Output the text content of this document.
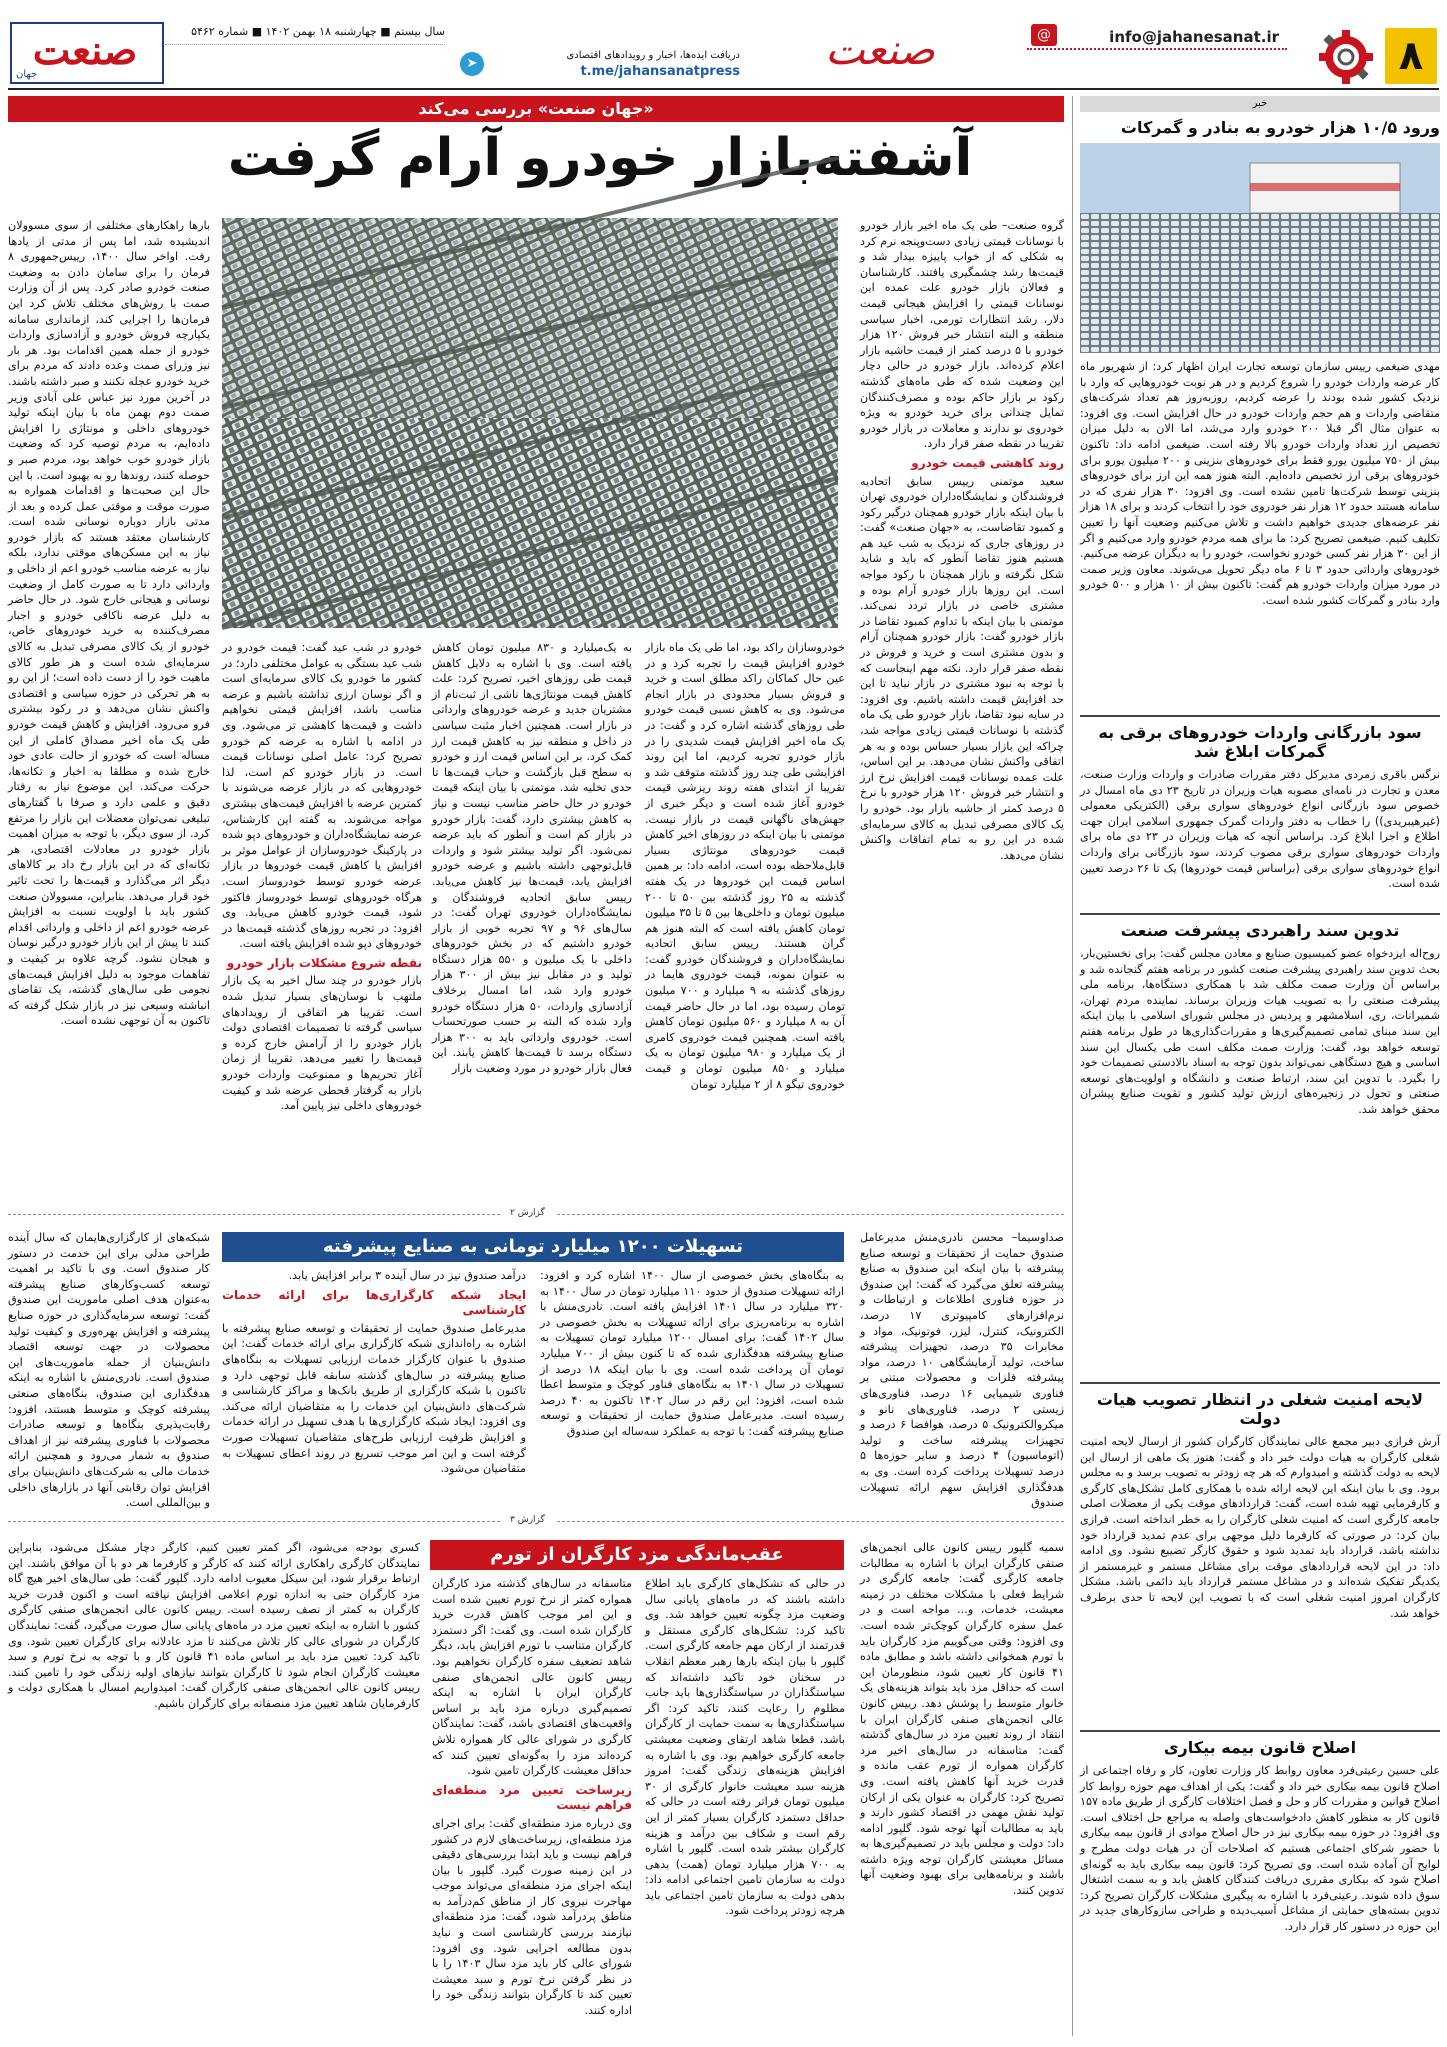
۸
info@jahanesanat.ir
@
صنعت
دریافت ایده‌ها، اخبار و رویدادهای اقتصادی
t.me/jahansanatpress
➤
سال بیستم ■ چهارشنبه ۱۸ بهمن ۱۴۰۲ ■ شماره ۵۴۶۲
صنعت
جهان
«جهان صنعت» بررسی می‌کند
آشفته‌بازار خودرو آرام گرفت
گروه صنعت– طی یک ماه اخیر بازار خودرو با نوسانات قیمتی زیادی دست‌وپنجه نرم کرد به شکلی که از خواب پاییزه بیدار شد و قیمت‌ها رشد چشمگیری یافتند. کارشناسان و فعالان بازار خودرو علت عمده این نوسانات قیمتی را افزایش هیجانی قیمت دلار، رشد انتظارات تورمی، اخبار سیاسی منطقه و البته انتشار خبر فروش ۱۲۰ هزار خودرو با ۵ درصد کمتر از قیمت حاشیه بازار اعلام کرده‌اند. بازار خودرو در حالی دچار این وضعیت شده که طی ماه‌های گذشته رکود بر بازار حاکم بوده و مصرف‌کنندگان تمایل چندانی برای خرید خودرو به ویژه خودروی نو ندارند و معاملات در بازار خودرو تقریبا در نقطه صفر قرار دارد.
روند کاهشی قیمت خودرو
سعید موتمنی رییس سابق اتحادیه فروشندگان و نمایشگاه‌داران خودروی تهران با بیان اینکه بازار خودرو همچنان درگیر رکود و کمبود تقاضاست، به «جهان صنعت» گفت: در روزهای جاری که نزدیک به شب عید هم هستیم هنوز تقاضا آنطور که باید و شاید شکل نگرفته و بازار همچنان با رکود مواجه است. این روزها بازار خودرو آرام بوده و مشتری خاصی در بازار تردد نمی‌کند. موتمنی با بیان اینکه با تداوم کمبود تقاضا در بازار خودرو گفت: بازار خودرو همچنان آرام و بدون مشتری است و خرید و فروش در نقطه صفر قرار دارد. نکته مهم اینجاست که با توجه به نبود مشتری در بازار نباید تا این حد افزایش قیمت داشته باشیم. وی افزود: در سایه نبود تقاضا، بازار خودرو طی یک ماه گذشته با نوسانات قیمتی زیادی مواجه شد، چراکه این بازار بسیار حساس بوده و به هر اتفاقی واکنش نشان می‌دهد. بر این اساس، علت عمده نوسانات قیمت افزایش نرخ ارز و انتشار خبر فروش ۱۲۰ هزار خودرو با نرخ ۵ درصد کمتر از حاشیه بازار بود. خودرو را یک کالای مصرفی تبدیل به کالای سرمایه‌ای شده در این رو به تمام اتفاقات واکنش نشان می‌دهد.
خودروسازان راکد بود، اما طی یک ماه بازار خودرو افزایش قیمت را تجربه کرد و در عین حال کماکان راکد مطلق است و خرید و فروش بسیار محدودی در بازار انجام می‌شود. وی به کاهش نسبی قیمت خودرو طی روزهای گذشته اشاره کرد و گفت: در یک ماه اخیر افزایش قیمت شدیدی را در بازار خودرو تجربه کردیم، اما این روند افزایشی طی چند روز گذشته متوقف شد و تقریبا از ابتدای هفته روند ریزشی قیمت خودرو آغاز شده است و دیگر خبری از جهش‌های ناگهانی قیمت در بازار نیست. موتمنی با بیان اینکه در روزهای اخیر کاهش قیمت خودروهای مونتاژی بسیار قابل‌ملاحظه بوده است، ادامه داد: بر همین اساس قیمت این خودروها در یک هفته گذشته به ۲۵ روز گذشته بین ۵۰ تا ۲۰۰ میلیون تومان و داخلی‌ها بین ۵ تا ۳۵ میلیون تومان کاهش یافته است که البته هنوز هم گران هستند. رییس سابق اتحادیه نمایشگاه‌داران و فروشندگان خودرو گفت: به عنوان نمونه، قیمت خودروی هایما در روزهای گذشته به ۹ میلیارد و ۷۰۰ میلیون تومان رسیده بود، اما در حال حاضر قیمت آن به ۸ میلیارد و ۵۶۰ میلیون تومان کاهش یافته است. همچنین قیمت خودروی کامری از یک میلیارد و ۹۸۰ میلیون تومان به یک میلیارد و ۸۵۰ میلیون تومان و قیمت خودروی تیگو ۸ از ۲ میلیارد تومان
به یک‌میلیارد و ۸۳۰ میلیون تومان کاهش یافته است. وی با اشاره به دلایل کاهش قیمت طی روزهای اخیر، تصریح کرد: علت کاهش قیمت مونتاژی‌ها ناشی از ثبت‌نام از مشتریان جدید و عرضه خودروهای وارداتی در بازار است. همچنین اخبار مثبت سیاسی در داخل و منطقه نیز به کاهش قیمت ارز کمک کرد. بر این اساس قیمت ارز و خودرو به سطح قبل بازگشت و حباب قیمت‌ها تا حدی تخلیه شد. موتمنی با بیان اینکه قیمت خودرو در حال حاضر مناسب نیست و نیاز به کاهش بیشتری دارد، گفت: بازار خودرو در بازار کم است و آنطور که باید عرضه نمی‌شود. اگر تولید بیشتر شود و واردات قابل‌توجهی داشته باشیم و عرضه خودرو افزایش یابد، قیمت‌ها نیز کاهش می‌یابد. رییس سابق اتحادیه فروشندگان و نمایشگاه‌داران خودروی تهران گفت: در سال‌های ۹۶ و ۹۷ تجربه خوبی از بازار خودرو داشتیم که در بخش خودروهای داخلی با یک میلیون و ۵۵۰ هزار دستگاه تولید و در مقابل نیز بیش از ۳۰۰ هزار خودرو وارد شد، اما امسال برخلاف آزادسازی واردات، ۵۰ هزار دستگاه خودرو وارد شده که البته بر حسب صورتحساب است. خودروی وارداتی باید به ۳۰۰ هزار دستگاه برسد تا قیمت‌ها کاهش یابند. این فعال بازار خودرو در مورد وضعیت بازار
خودرو در شب عید گفت: قیمت خودرو در شب عید بستگی به عوامل مختلفی دارد؛ در کشور ما خودرو یک کالای سرمایه‌ای است و اگر نوسان ارزی تداشته باشیم و عرضه مناسب باشد، افزایش قیمتی نخواهیم داشت و قیمت‌ها کاهشی تر می‌شود. وی در ادامه با اشاره به عرضه کم خودرو تصریح کرد: عامل اصلی نوسانات قیمت است. در بازار خودرو کم است، لذا خودروهایی که در بازار عرضه می‌شوند با کمترین عرضه با افزایش قیمت‌های بیشتری مواجه می‌شوند. به گفته این کارشناس، عرضه نمایشگاه‌داران و خودروهای دپو شده در پارکینگ خودروسازان از عوامل موثر بر افزایش یا کاهش قیمت خودروها در بازار عرضه خودرو توسط خودروساز است. هرگاه خودروهای توسط خودروساز فاکتور شود، قیمت خودرو کاهش می‌یابد. وی افزود: در تجربه روزهای گذشته قیمت‌ها در خودروهای دپو شده افزایش یافته است.
نقطه شروع مشکلات بازار خودرو
بازار خودرو در چند سال اخیر به یک بازار ملتهب با نوسان‌های بسیار تبدیل شده است. تقریبا هر اتفاقی از رویدادهای سیاسی گرفته تا تصمیمات اقتصادی دولت بازار خودرو را از آرامش خارج کرده و قیمت‌ها را تغییر می‌دهد. تقریبا از زمان آغاز تحریم‌ها و ممنوعیت واردات خودرو بازار به گرفتار قحطی عرضه شد و کیفیت خودروهای داخلی نیز پایین آمد.
بارها راهکارهای مختلفی از سوی مسوولان اندیشیده شد، اما پس از مدتی از یادها رفت. اواخر سال ۱۴۰۰، رییس‌جمهوری ۸ فرمان را برای سامان دادن به وضعیت صنعت خودرو صادر کرد. پس از آن وزارت صمت با روش‌های مختلف تلاش کرد این فرمان‌ها را اجرایی کند، ازمانداری سامانه یکپارچه فروش خودرو و آزادسازی واردات خودرو از جمله همین اقدامات بود. هر بار نیز وزرای صمت وعده دادند که مردم برای خرید خودرو عجله نکنند و صبر داشته باشند. در آخرین مورد نیز عباس علی آبادی وزیر صمت دوم بهمن ماه با بیان اینکه تولید خودروهای داخلی و مونتاژی را افزایش داده‌ایم، به مردم توصیه کرد که وضعیت بازار خودرو خوب خواهد بود، مردم صبر و حوصله کنند، روندها رو به بهبود است. با این حال این صحبت‌ها و اقدامات همواره به صورت موقت و موقتی عمل کرده و بعد از مدتی بازار دوباره نوسانی شده است. کارشناسان معتقد هستند که بازار خودرو نیاز به این مسکن‌های موقتی ندارد، بلکه نیاز به عرضه مناسب خودرو اعم از داخلی و وارداتی دارد تا به صورت کامل از وضعیت نوسانی و هیجانی خارج شود. در حال حاضر به دلیل عرضه ناکافی خودرو و اجبار مصرف‌کننده به خرید خودروهای خاص، خودرو از یک کالای مصرفی تبدیل به کالای سرمایه‌ای شده است و هر طور کالای ماهیت خود را از دست داده است؛ از این رو به هر تحرکی در حوزه سیاسی و اقتصادی واکنش نشان می‌دهد و در رکود بیشتری فرو می‌رود. افزایش و کاهش قیمت خودرو طی یک ماه اخیر مصداق کاملی از این مساله است که خودرو از حالت عادی خود خارج شده و مطلقا به اخبار و تکانه‌ها، حرکت می‌کند. این موضوع نیاز به رفتار دقیق و علمی دارد و صرفا با گفتارهای تبلیغی نمی‌توان معضلات این بازار را مرتفع کرد. از سوی دیگر، با توجه به میزان اهمیت بازار خودرو در معادلات اقتصادی، هر تکانه‌ای که در این بازار رخ داد بر کالاهای دیگر اثر می‌گذارد و قیمت‌ها را تحت تاثیر خود قرار می‌دهد. بنابراین، مسوولان صنعت کشور باید با اولویت نسبت به افزایش عرضه خودرو اعم از داخلی و وارداتی اقدام کنند تا پیش از این بازار خودرو درگیر نوسان و هیجان نشود. گرچه علاوه بر کیفیت و تفاهمات موجود به دلیل افزایش قیمت‌های نجومی طی سال‌های گذشته، یک تقاضای انباشته وسیعی نیز در بازار شکل گرفته که تاکنون به آن توجهی نشده است.
خبر
ورود ۱۰/۵ هزار خودرو به بنادر و گمرکات
مهدی ضیغمی رییس سازمان توسعه تجارت ایران اظهار کرد: از شهریور ماه کار عرضه واردات خودرو را شروع کردیم و در هر نوبت خودروهایی که وارد با نزدیک کشور شده بودند را عرضه کردیم، روزبه‌روز هم تعداد شرکت‌های متقاضی واردات و هم حجم واردات خودرو در حال افزایش است. وی افزود: به عنوان مثال اگر قبلا ۲۰۰ خودرو وارد می‌شد، اما الان به دلیل میزان تخصیص ارز تعداد واردات خودرو بالا رفته است. ضیغمی ادامه داد: تاکنون بیش از ۷۵۰ میلیون یورو فقط برای خودروهای بنزینی و ۲۰۰ میلیون یورو برای خودروهای برقی ارز تخصیص داده‌ایم. البته هنوز همه این ارز برای خودروهای بنزینی توسط شرکت‌ها تامین نشده است. وی افزود: ۳۰ هزار نفری که در سامانه هستند حدود ۱۲ هزار نفر خودروی خود را انتخاب کردند و برای ۱۸ هزار نفر عرضه‌های جدیدی خواهیم داشت و تلاش می‌کنیم وضعیت آنها را تعیین تکلیف کنیم. ضیغمی تصریح کرد: ما برای همه مردم خودرو وارد می‌کنیم و اگر از این ۳۰ هزار نفر کسی خودرو نخواست، خودرو را به دیگران عرضه می‌کنیم. خودروهای وارداتی حدود ۳ تا ۶ ماه دیگر تحویل می‌شوند. معاون وزیر صمت در مورد میزان واردات خودرو هم گفت: تاکنون بیش از ۱۰ هزار و ۵۰۰ خودرو وارد بنادر و گمرکات کشور شده است.
سود بازرگانی واردات خودروهای برقی به گمرکات ابلاغ شد
نرگس باقری زمردی مدیرکل دفتر مقررات صادرات و واردات وزارت صنعت، معدن و تجارت در نامه‌ای مصوبه هیات وزیران در تاریخ ۲۳ دی ماه امسال در خصوص سود بازرگانی انواع خودروهای سواری برقی (الکتریکی معمولی (غیرهیبریدی)) را خطاب به دفتر واردات گمرک جمهوری اسلامی ایران جهت اطلاع و اجرا ابلاغ کرد. براساس آنچه که هیات وزیران در ۲۳ دی ماه برای واردات خودروهای سواری برقی مصوب کردند، سود بازرگانی برای واردات انواع خودروهای سواری برقی (براساس قیمت خودروها) یک تا ۲۶ درصد تعیین شده است.
تدوین سند راهبردی پیشرفت صنعت
روح‌اله ایزدخواه عضو کمیسیون صنایع و معادن مجلس گفت: برای نخستین‌بار، بحث تدوین سند راهبردی پیشرفت صنعت کشور در برنامه هفتم گنجانده شد و براساس آن وزارت صمت مکلف شد با همکاری دستگاه‌ها، برنامه ملی پیشرفت صنعتی را به تصویب هیات وزیران برساند. نماینده مردم تهران، شمیرانات، ری، اسلامشهر و پردیس در مجلس شورای اسلامی با بیان اینکه این سند مبنای تمامی تصمیم‌گیری‌ها و مقررات‌گذاری‌ها در طول برنامه هفتم توسعه خواهد بود، گفت: وزارت صمت مکلف است طی یکسال این سند اساسی و هیچ دستگاهی نمی‌تواند بدون توجه به اسناد بالادستی تصمیمات خود را بگیرد. با تدوین این سند، ارتباط صنعت و دانشگاه و اولویت‌های توسعه صنعتی و تحول در زنجیره‌های ارزش تولید کشور و تقویت صنایع پیشران محقق خواهد شد.
لایحه امنیت شغلی در انتظار تصویب هیات دولت
آرش فرازی دبیر مجمع عالی نمایندگان کارگران کشور از ارسال لایحه امنیت شغلی کارگران به هیات دولت خبر داد و گفت: هنوز یک ماهی از ارسال این لایحه به دولت گذشته و امیدوارم که هر چه زودتر به تصویب برسد و به مجلس برود. وی با بیان اینکه این لایحه ارائه شده با همکاری کامل تشکل‌های کارگری و کارفرمایی تهیه شده است، گفت: قراردادهای موقت یکی از معضلات اصلی جامعه کارگری است که امنیت شغلی کارگران را به خطر انداخته است. فرازی بیان کرد: در صورتی که کارفرما دلیل موجهی برای عدم تمدید قرارداد خود نداشته باشد، قرارداد باید تمدید شود و حقوق کارگر تضییع نشود. وی ادامه داد: در این لایحه قراردادهای موقت برای مشاغل مستمر و غیرمستمر از یکدیگر تفکیک شده‌اند و در مشاغل مستمر قرارداد باید دائمی باشد. مشکل کارگران امروز امنیت شغلی است که با تصویب این لایحه تا حدی برطرف خواهد شد.
اصلاح قانون بیمه بیکاری
علی حسین رعیتی‌فرد معاون روابط کار وزارت تعاون، کار و رفاه اجتماعی از اصلاح قانون بیمه بیکاری خبر داد و گفت: یکی از اهداف مهم حوزه روابط کار اصلاح قوانین و مقررات کار و حل و فصل اختلافات کارگری از طریق ماده ۱۵۷ قانون کار به منظور کاهش دادخواست‌های واصله به مراجع حل اختلاف است. وی افزود: در حوزه بیمه بیکاری نیز در حال اصلاح موادی از قانون بیمه بیکاری با حضور شرکای اجتماعی هستیم که اصلاحات آن در هیات دولت مطرح و لوایح آن آماده شده است. وی تصریح کرد: قانون بیمه بیکاری باید به گونه‌ای اصلاح شود که بیکاری مقرری دریافت کنندگان کاهش یابد و به سمت اشتغال سوق داده شوند. رعیتی‌فرد با اشاره به پیگیری مشکلات کارگران تصریح کرد: تدوین بسته‌های حمایتی از مشاغل آسیب‌دیده و طراحی سازوکارهای جدید در این حوزه در دستور کار قرار دارد.
گزارش ۲
تسهیلات ۱۲۰۰ میلیارد تومانی به صنایع پیشرفته	صداوسیما– محسن نادری‌منش مدیرعامل صندوق حمایت از تحقیقات و توسعه صنایع پیشرفته با بیان اینکه این صندوق به صنایع پیشرفته تعلق می‌گیرد که گفت: این صندوق در حوزه فناوری اطلاعات و ارتباطات و نرم‌افزارهای کامپیوتری ۱۷ درصد، الکترونیک، کنترل، لیزر، فوتونیک، مواد و مخابرات ۳۵ درصد، تجهیزات پیشرفته ساخت، تولید آزمایشگاهی ۱۰ درصد، مواد پیشرفته فلزات و محصولات مبتنی بر فناوری شیمیایی ۱۶ درصد، فناوری‌های زیستی ۲ درصد، فناوری‌های نانو و میکروالکترونیک ۵ درصد، هوافضا ۶ درصد و تجهیزات پیشرفته ساخت و تولید (اتوماسیون) ۴ درصد و سایر حوزه‌ها ۵ درصد تسهیلات پرداخت کرده است. وی به هدفگذاری افزایش سهم ارائه تسهیلات صندوق
به بنگاه‌های بخش خصوصی از سال ۱۴۰۰ اشاره کرد و افزود: ارائه تسهیلات صندوق از حدود ۱۱۰ میلیارد تومان در سال ۱۴۰۰ به ۳۲۰ میلیارد در سال ۱۴۰۱ افزایش یافته است. نادری‌منش با اشاره به برنامه‌ریزی برای ارائه تسهیلات به بخش خصوصی در سال ۱۴۰۲ گفت: برای امسال ۱۲۰۰ میلیارد تومان تسهیلات به صنایع پیشرفته هدفگذاری شده که تا کنون بیش از ۷۰۰ میلیارد تومان آن پرداخت شده است. وی با بیان اینکه ۱۸ درصد از تسهیلات در سال ۱۴۰۱ به بنگاه‌های فناور کوچک و متوسط اعطا شده است، افزود: این رقم در سال ۱۴۰۲ تاکنون به ۴۰ درصد رسیده است. مدیرعامل صندوق حمایت از تحقیقات و توسعه صنایع پیشرفته گفت: با توجه به عملکرد سه‌ساله این صندوق
درآمد صندوق نیز در سال آینده ۳ برابر افزایش یابد.
ایجاد شبکه کارگزاری‌ها برای ارائه خدمات کارشناسی
مدیرعامل صندوق حمایت از تحقیقات و توسعه صنایع پیشرفته با اشاره به راه‌اندازی شبکه کارگزاری برای ارائه خدمات گفت: این صندوق با عنوان کارگزار خدمات ارزیابی تسهیلات به بنگاه‌های صنایع پیشرفته در سال‌های گذشته سابقه قابل توجهی دارد و تاکنون با شبکه کارگزاری از طریق بانک‌ها و مراکز کارشناسی و شرکت‌های دانش‌بنیان این خدمات را به متقاضیان ارائه می‌کند. وی افزود: ایجاد شبکه کارگزاری‌ها با هدف تسهیل در ارائه خدمات و افزایش ظرفیت ارزیابی طرح‌های متقاضیان تسهیلات صورت گرفته است و این امر موجب تسریع در روند اعطای تسهیلات به متقاضیان می‌شود.
شبکه‌های از کارگزاری‌هایمان که سال آینده طراحی مدلی برای این خدمت در دستور کار صندوق است. وی با تاکید بر اهمیت توسعه کسب‌وکارهای صنایع پیشرفته به‌عنوان هدف اصلی ماموریت این صندوق گفت: توسعه سرمایه‌گذاری در حوزه صنایع پیشرفته و افزایش بهره‌وری و کیفیت تولید محصولات در جهت توسعه اقتصاد دانش‌بنیان از جمله ماموریت‌های این صندوق است. نادری‌منش با اشاره به اینکه هدفگذاری این صندوق، بنگاه‌های صنعتی پیشرفته کوچک و متوسط هستند، افزود: رقابت‌پذیری بنگاه‌ها و توسعه صادرات محصولات با فناوری پیشرفته نیز از اهداف صندوق به شمار می‌رود و همچنین ارائه خدمات مالی به شرکت‌های دانش‌بنیان برای افزایش توان رقابتی آنها در بازارهای داخلی و بین‌المللی است.
گزارش ۳
عقب‌ماندگی مزد کارگران از تورم	سمیه گلپور رییس کانون عالی انجمن‌های صنفی کارگران ایران با اشاره به مطالبات جامعه کارگری گفت: جامعه کارگری در شرایط فعلی با مشکلات مختلف در زمینه معیشت، خدمات، و... مواجه است و در عمل سفره کارگران کوچک‌تر شده است. وی افزود: وقتی می‌گوییم مزد کارگران باید با تورم همخوانی داشته باشد و مطابق ماده ۴۱ قانون کار تعیین شود، منظورمان این است که حداقل مزد باید بتواند هزینه‌های یک خانوار متوسط را پوشش دهد. رییس کانون عالی انجمن‌های صنفی کارگران ایران با انتقاد از روند تعیین مزد در سال‌های گذشته گفت: متاسفانه در سال‌های اخیر مزد کارگران همواره از تورم عقب مانده و قدرت خرید آنها کاهش یافته است. وی تصریح کرد: کارگران به عنوان یکی از ارکان تولید نقش مهمی در اقتصاد کشور دارند و باید به مطالبات آنها توجه شود. گلپور ادامه داد: دولت و مجلس باید در تصمیم‌گیری‌ها به مسائل معیشتی کارگران توجه ویژه داشته باشند و برنامه‌هایی برای بهبود وضعیت آنها تدوین کنند.
در حالی که تشکل‌های کارگری باید اطلاع داشته باشند که در ماه‌های پایانی سال وضعیت مزد چگونه تعیین خواهد شد. وی تاکید کرد: تشکل‌های کارگری مستقل و قدرتمند از ارکان مهم جامعه کارگری است. گلپور با بیان اینکه بارها رهبر معظم انقلاب در سخنان خود تاکید داشته‌اند که سیاستگذاران در سیاستگذاری‌ها باید جانب مظلوم را رعایت کنند، تاکید کرد: اگر سیاستگذاری‌ها به سمت حمایت از کارگران باشد، قطعا شاهد ارتقای وضعیت معیشتی جامعه کارگری خواهیم بود. وی با اشاره به افزایش هزینه‌های زندگی گفت: امروز هزینه سبد معیشت خانوار کارگری از ۳۰ میلیون تومان فراتر رفته است در حالی که حداقل دستمزد کارگران بسیار کمتر از این رقم است و شکاف بین درآمد و هزینه کارگران بیشتر شده است. گلپور با اشاره به ۷۰۰ هزار میلیارد تومان (همت) بدهی دولت به سازمان تامین اجتماعی ادامه داد: بدهی دولت به سازمان تامین اجتماعی باید هرچه زودتر پرداخت شود.
متاسفانه در سال‌های گذشته مزد کارگران همواره کمتر از نرخ تورم تعیین شده است و این امر موجب کاهش قدرت خرید کارگران شده است. وی گفت: اگر دستمزد کارگران متناسب با تورم افزایش یابد، دیگر شاهد تضعیف سفره کارگران نخواهیم بود. رییس کانون عالی انجمن‌های صنفی کارگران ایران با اشاره به اینکه تصمیم‌گیری درباره مزد باید بر اساس واقعیت‌های اقتصادی باشد، گفت: نمایندگان کارگری در شورای عالی کار همواره تلاش کرده‌اند مزد را به‌گونه‌ای تعیین کنند که حداقل معیشت کارگران تامین شود.
زیرساخت تعیین مزد منطقه‌ای فراهم نیست
وی درباره مزد منطقه‌ای گفت: برای اجرای مزد منطقه‌ای، زیرساخت‌های لازم در کشور فراهم نیست و باید ابتدا بررسی‌های دقیقی در این زمینه صورت گیرد. گلپور با بیان اینکه اجرای مزد منطقه‌ای می‌تواند موجب مهاجرت نیروی کار از مناطق کم‌درآمد به مناطق پردرآمد شود، گفت: مزد منطقه‌ای نیازمند بررسی کارشناسی است و نباید بدون مطالعه اجرایی شود. وی افزود: شورای عالی کار باید مزد سال ۱۴۰۳ را با در نظر گرفتن نرخ تورم و سبد معیشت تعیین کند تا کارگران بتوانند زندگی خود را اداره کنند.
کسری بودجه می‌شود، اگر کمتر تعیین کنیم، کارگر دچار مشکل می‌شود، بنابراین نمایندگان کارگری راهکاری ارائه کنند که کارگر و کارفرما هر دو با آن موافق باشند. این ارتباط برقرار شود، این سیکل معیوب ادامه دارد. گلپور گفت: طی سال‌های اخیر هیچ گاه مزد کارگران حتی به اندازه تورم اعلامی افزایش نیافته است و اکنون قدرت خرید کارگران به کمتر از نصف رسیده است. رییس کانون عالی انجمن‌های صنفی کارگری کشور با اشاره به اینکه تعیین مزد در ماه‌های پایانی سال صورت می‌گیرد، گفت: نمایندگان کارگران در شورای عالی کار تلاش می‌کنند تا مزد عادلانه برای کارگران تعیین شود. وی تاکید کرد: تعیین مزد باید بر اساس ماده ۴۱ قانون کار و با توجه به نرخ تورم و سبد معیشت کارگران انجام شود تا کارگران بتوانند نیازهای اولیه زندگی خود را تامین کنند. رییس کانون عالی انجمن‌های صنفی کارگران گفت: امیدواریم امسال با همکاری دولت و کارفرمایان شاهد تعیین مزد منصفانه برای کارگران باشیم.
